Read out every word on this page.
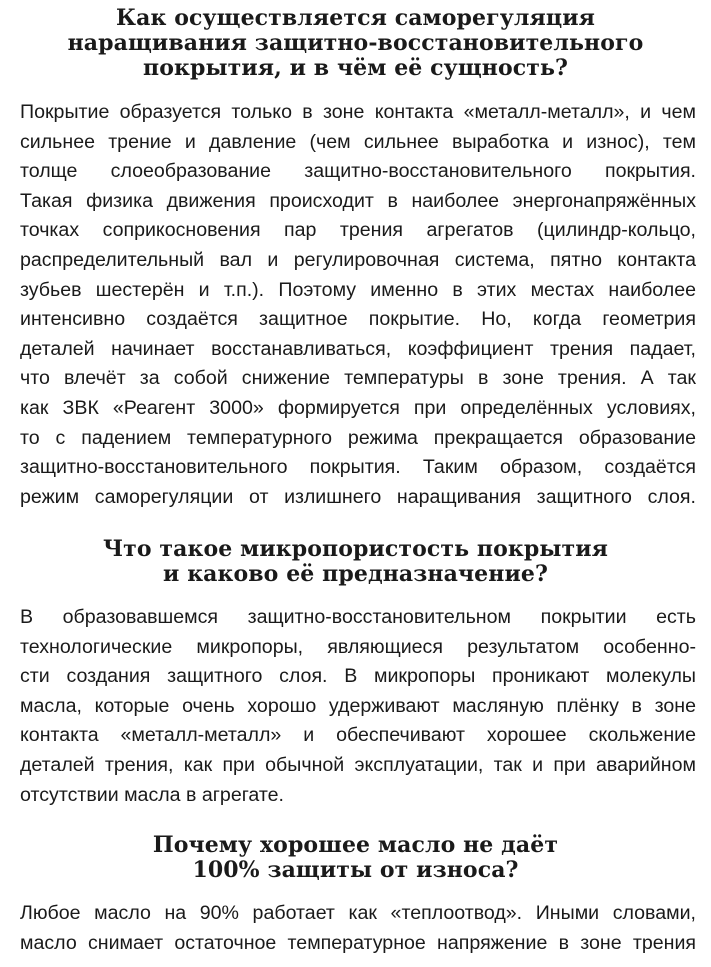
Как осуществляется саморегуляция
наращивания защитно-восстановительного
покрытия, и в чём её сущность?
Покрытие образуется только в зоне контакта «металл-металл», и чем
сильнее трение и давление (чем сильнее выработка и износ), тем
толще слоеобразование защитно-восстановительного покрытия.
Такая физика движения происходит в наиболее энергонапряжённых
точках соприкосновения пар трения агрегатов (цилиндр-кольцо,
распределительный вал и регулировочная система, пятно контакта
зубьев шестерён и т.п.). Поэтому именно в этих местах наиболее
интенсивно создаётся защитное покрытие. Но, когда геометрия
деталей начинает восстанавливаться, коэффициент трения падает,
что влечёт за собой снижение температуры в зоне трения. А так
как ЗВК «Реагент 3000» формируется при определённых условиях,
то с падением температурного режима прекращается образование
защитно-восстановительного покрытия. Таким образом, создаётся
режим саморегуляции от излишнего наращивания защитного слоя.
Что такое микропористость покрытия
и каково её предназначение?
В образовавшемся защитно-восстановительном покрытии есть
технологические микропоры, являющиеся результатом особенно-
сти создания защитного слоя. В микропоры проникают молекулы
масла, которые очень хорошо удерживают масляную плёнку в зоне
контакта «металл-металл» и обеспечивают хорошее скольжение
деталей трения, как при обычной эксплуатации, так и при аварийном
отсутствии масла в агрегате.
Почему хорошее масло не даёт
100% защиты от износа?
Любое масло на 90% работает как «теплоотвод». Иными словами,
масло снимает остаточное температурное напряжение в зоне трения
